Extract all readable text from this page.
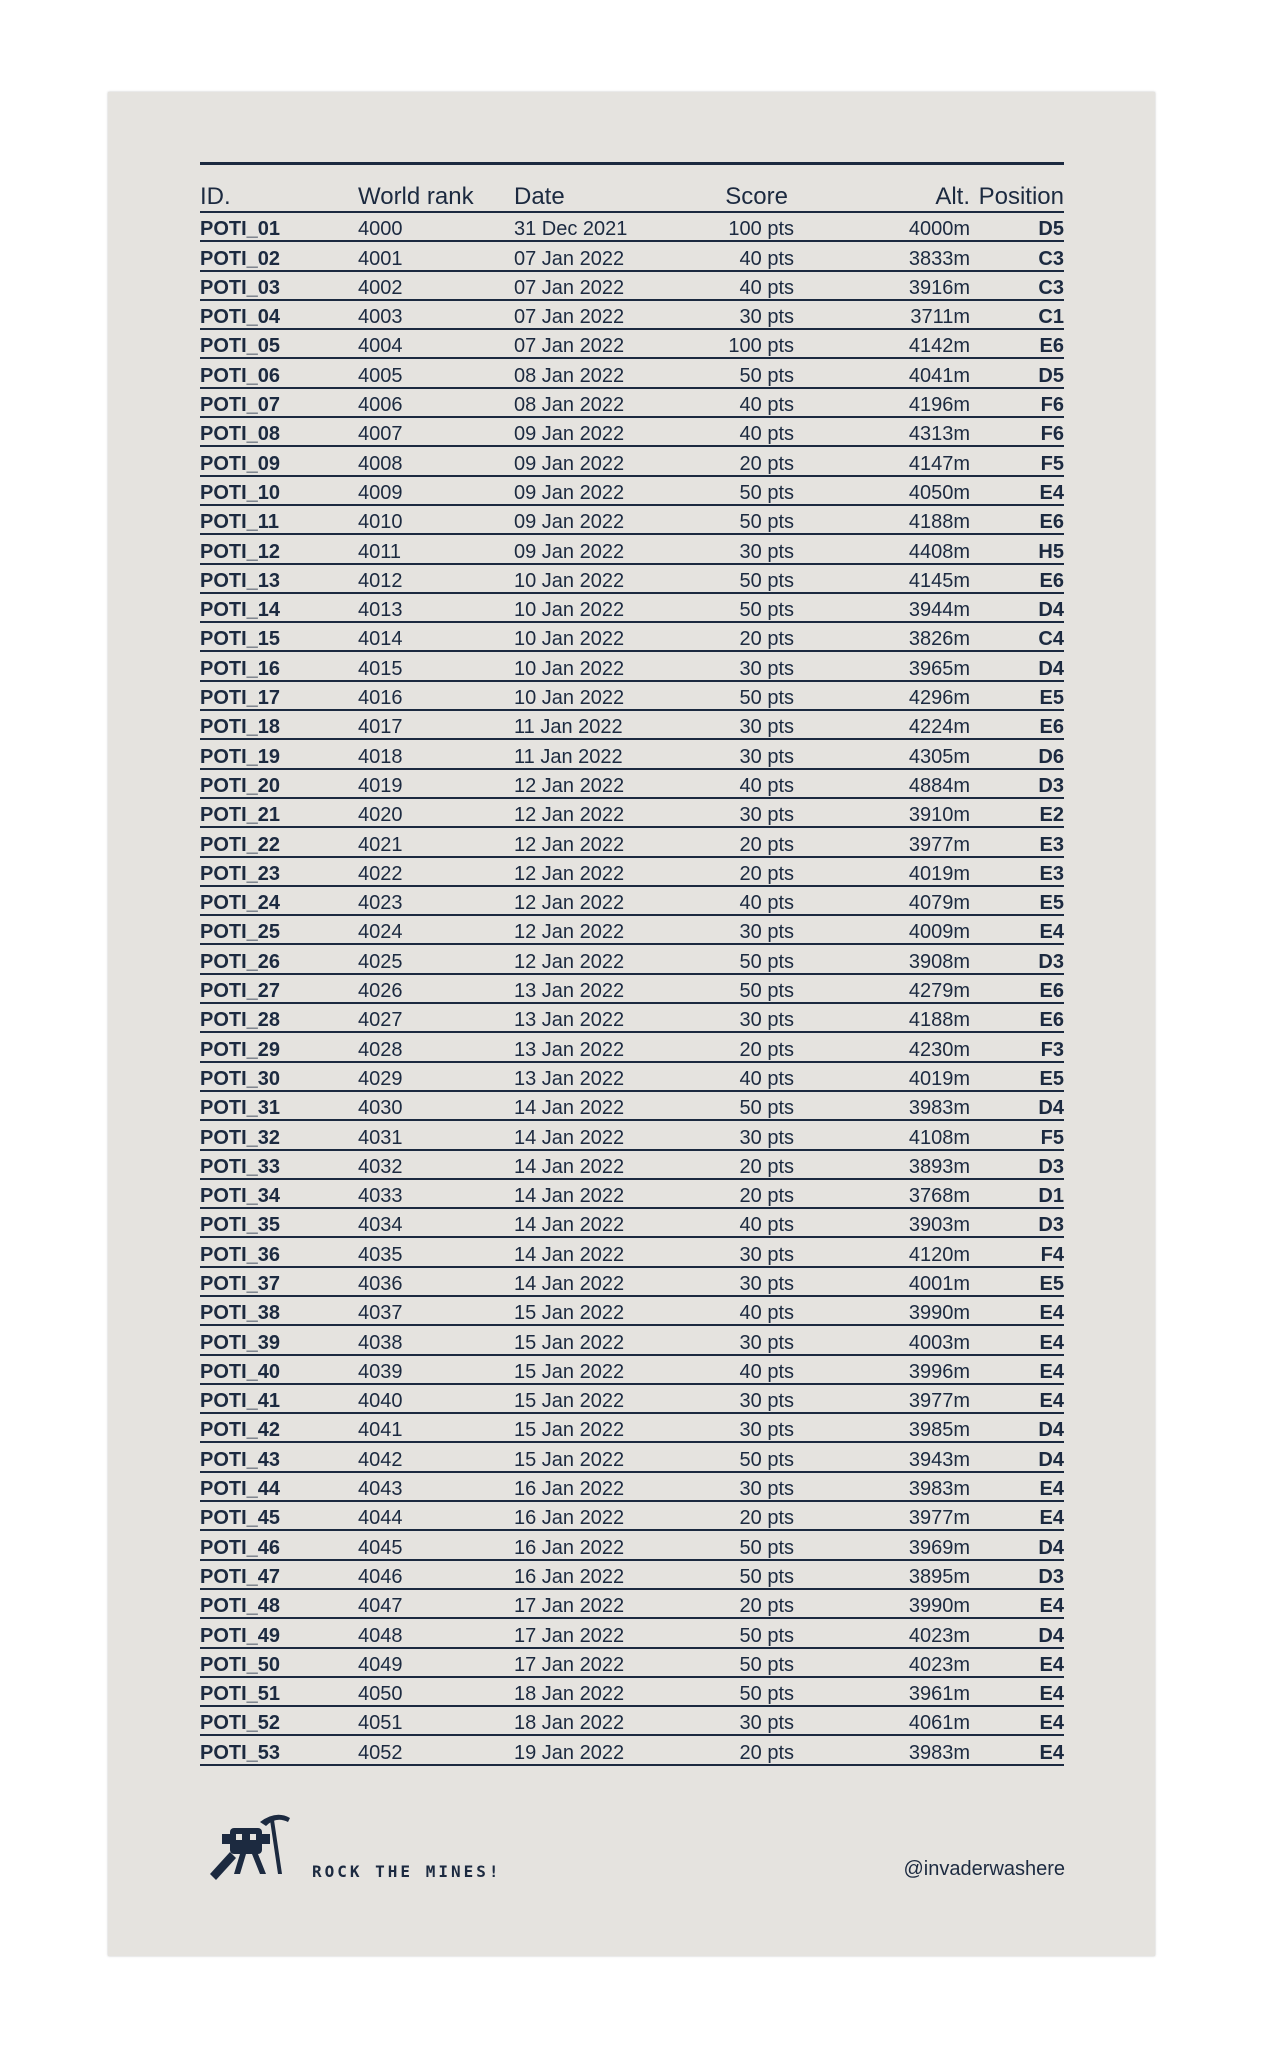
ID.	World rank	Date	Score	Alt. Position
POTI_01	4000	31 Dec 2021	100 pts	4000m	D5
POTI_02	4001	07 Jan 2022	40 pts	3833m	C3
POTI_03	4002	07 Jan 2022	40 pts	3916m	C3
POTI_04	4003	07 Jan 2022	30 pts	3711m	C1
POTI_05	4004	07 Jan 2022	100 pts	4142m	E6
POTI_06	4005	08 Jan 2022	50 pts	4041m	D5
POTI_07	4006	08 Jan 2022	40 pts	4196m	F6
POTI_08	4007	09 Jan 2022	40 pts	4313m	F6
POTI_09	4008	09 Jan 2022	20 pts	4147m	F5
POTI_10	4009	09 Jan 2022	50 pts	4050m	E4
POTI_11	4010	09 Jan 2022	50 pts	4188m	E6
POTI_12	4011	09 Jan 2022	30 pts	4408m	H5
POTI_13	4012	10 Jan 2022	50 pts	4145m	E6
POTI_14	4013	10 Jan 2022	50 pts	3944m	D4
POTI_15	4014	10 Jan 2022	20 pts	3826m	C4
POTI_16	4015	10 Jan 2022	30 pts	3965m	D4
POTI_17	4016	10 Jan 2022	50 pts	4296m	E5
POTI_18	4017	11 Jan 2022	30 pts	4224m	E6
POTI_19	4018	11 Jan 2022	30 pts	4305m	D6
POTI_20	4019	12 Jan 2022	40 pts	4884m	D3
POTI_21	4020	12 Jan 2022	30 pts	3910m	E2
POTI_22	4021	12 Jan 2022	20 pts	3977m	E3
POTI_23	4022	12 Jan 2022	20 pts	4019m	E3
POTI_24	4023	12 Jan 2022	40 pts	4079m	E5
POTI_25	4024	12 Jan 2022	30 pts	4009m	E4
POTI_26	4025	12 Jan 2022	50 pts	3908m	D3
POTI_27	4026	13 Jan 2022	50 pts	4279m	E6
POTI_28	4027	13 Jan 2022	30 pts	4188m	E6
POTI_29	4028	13 Jan 2022	20 pts	4230m	F3
POTI_30	4029	13 Jan 2022	40 pts	4019m	E5
POTI_31	4030	14 Jan 2022	50 pts	3983m	D4
POTI_32	4031	14 Jan 2022	30 pts	4108m	F5
POTI_33	4032	14 Jan 2022	20 pts	3893m	D3
POTI_34	4033	14 Jan 2022	20 pts	3768m	D1
POTI_35	4034	14 Jan 2022	40 pts	3903m	D3
POTI_36	4035	14 Jan 2022	30 pts	4120m	F4
POTI_37	4036	14 Jan 2022	30 pts	4001m	E5
POTI_38	4037	15 Jan 2022	40 pts	3990m	E4
POTI_39	4038	15 Jan 2022	30 pts	4003m	E4
POTI_40	4039	15 Jan 2022	40 pts	3996m	E4
POTI_41	4040	15 Jan 2022	30 pts	3977m	E4
POTI_42	4041	15 Jan 2022	30 pts	3985m	D4
POTI_43	4042	15 Jan 2022	50 pts	3943m	D4
POTI_44	4043	16 Jan 2022	30 pts	3983m	E4
POTI_45	4044	16 Jan 2022	20 pts	3977m	E4
POTI_46	4045	16 Jan 2022	50 pts	3969m	D4
POTI_47	4046	16 Jan 2022	50 pts	3895m	D3
POTI_48	4047	17 Jan 2022	20 pts	3990m	E4
POTI_49	4048	17 Jan 2022	50 pts	4023m	D4
POTI_50	4049	17 Jan 2022	50 pts	4023m	E4
POTI_51	4050	18 Jan 2022	50 pts	3961m	E4
POTI_52	4051	18 Jan 2022	30 pts	4061m	E4
POTI_53	4052	19 Jan 2022	20 pts	3983m	E4
ROCK THE MINES!	@invaderwashere
